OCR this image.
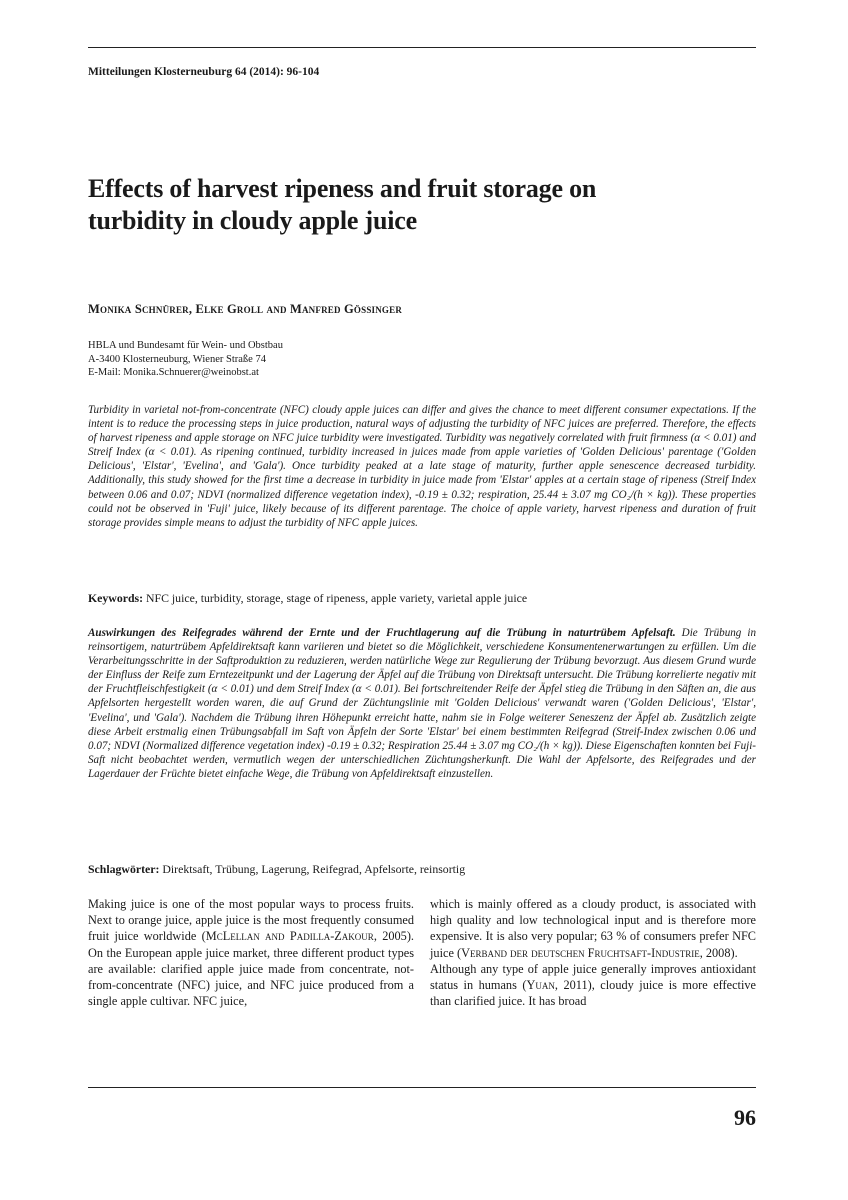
Mitteilungen Klosterneuburg 64 (2014): 96-104
Effects of harvest ripeness and fruit storage on
turbidity in cloudy apple juice
Monika Schnürer, Elke Groll and Manfred Gössinger
HBLA und Bundesamt für Wein- und Obstbau
A-3400 Klosterneuburg, Wiener Straße 74
E-Mail: Monika.Schnuerer@weinobst.at
Turbidity in varietal not-from-concentrate (NFC) cloudy apple juices can differ and gives the chance to meet different consumer expectations. If the intent is to reduce the processing steps in juice production, natural ways of adjusting the turbidity of NFC juices are preferred. Therefore, the effects of harvest ripeness and apple storage on NFC juice turbidity were investigated. Turbidity was negatively correlated with fruit firmness (α < 0.01) and Streif Index (α < 0.01). As ripening continued, turbidity increased in juices made from apple varieties of 'Golden Delicious' parentage ('Golden Delicious', 'Elstar', 'Evelina', and 'Gala'). Once turbidity peaked at a late stage of maturity, further apple senescence decreased turbidity. Additionally, this study showed for the first time a decrease in turbidity in juice made from 'Elstar' apples at a certain stage of ripeness (Streif Index between 0.06 and 0.07; NDVI (normalized difference vegetation index), -0.19 ± 0.32; respiration, 25.44 ± 3.07 mg CO₂/(h × kg)). These properties could not be observed in 'Fuji' juice, likely because of its different parentage. The choice of apple variety, harvest ripeness and duration of fruit storage provides simple means to adjust the turbidity of NFC apple juices.
Keywords: NFC juice, turbidity, storage, stage of ripeness, apple variety, varietal apple juice
Auswirkungen des Reifegrades während der Ernte und der Fruchtlagerung auf die Trübung in naturtrübem Apfelsaft. Die Trübung in reinsortigem, naturtrübem Apfeldirektsaft kann variieren und bietet so die Möglichkeit, verschiedene Konsumentenerwartungen zu erfüllen. Um die Verarbeitungsschritte in der Saftproduktion zu reduzieren, werden natürliche Wege zur Regulierung der Trübung bevorzugt. Aus diesem Grund wurde der Einfluss der Reife zum Erntezeitpunkt und der Lagerung der Äpfel auf die Trübung von Direktsaft untersucht. Die Trübung korrelierte negativ mit der Fruchtfleischfestigkeit (α < 0.01) und dem Streif Index (α < 0.01). Bei fortschreitender Reife der Äpfel stieg die Trübung in den Säften an, die aus Apfelsorten hergestellt worden waren, die auf Grund der Züchtungslinie mit 'Golden Delicious' verwandt waren ('Golden Delicious', 'Elstar', 'Evelina', und 'Gala'). Nachdem die Trübung ihren Höhepunkt erreicht hatte, nahm sie in Folge weiterer Seneszenz der Äpfel ab. Zusätzlich zeigte diese Arbeit erstmalig einen Trübungsabfall im Saft von Äpfeln der Sorte 'Elstar' bei einem bestimmten Reifegrad (Streif-Index zwischen 0.06 und 0.07; NDVI (Normalized difference vegetation index) -0.19 ± 0.32; Respiration 25.44 ± 3.07 mg CO₂/(h × kg)). Diese Eigenschaften konnten bei Fuji-Saft nicht beobachtet werden, vermutlich wegen der unterschiedlichen Züchtungsherkunft. Die Wahl der Apfelsorte, des Reifegrades und der Lagerdauer der Früchte bietet einfache Wege, die Trübung von Apfeldirektsaft einzustellen.
Schlagwörter: Direktsaft, Trübung, Lagerung, Reifegrad, Apfelsorte, reinsortig
Making juice is one of the most popular ways to process fruits. Next to orange juice, apple juice is the most frequently consumed fruit juice worldwide (McLellan and Padilla-Zakour, 2005). On the European apple juice market, three different product types are available: clarified apple juice made from concentrate, not-from-concentrate (NFC) juice, and NFC juice produced from a single apple cultivar. NFC juice,
which is mainly offered as a cloudy product, is associated with high quality and low technological input and is therefore more expensive. It is also very popular; 63 % of consumers prefer NFC juice (Verband der deutschen Fruchtsaft-Industrie, 2008).
Although any type of apple juice generally improves antioxidant status in humans (Yuan, 2011), cloudy juice is more effective than clarified juice. It has broad
96
